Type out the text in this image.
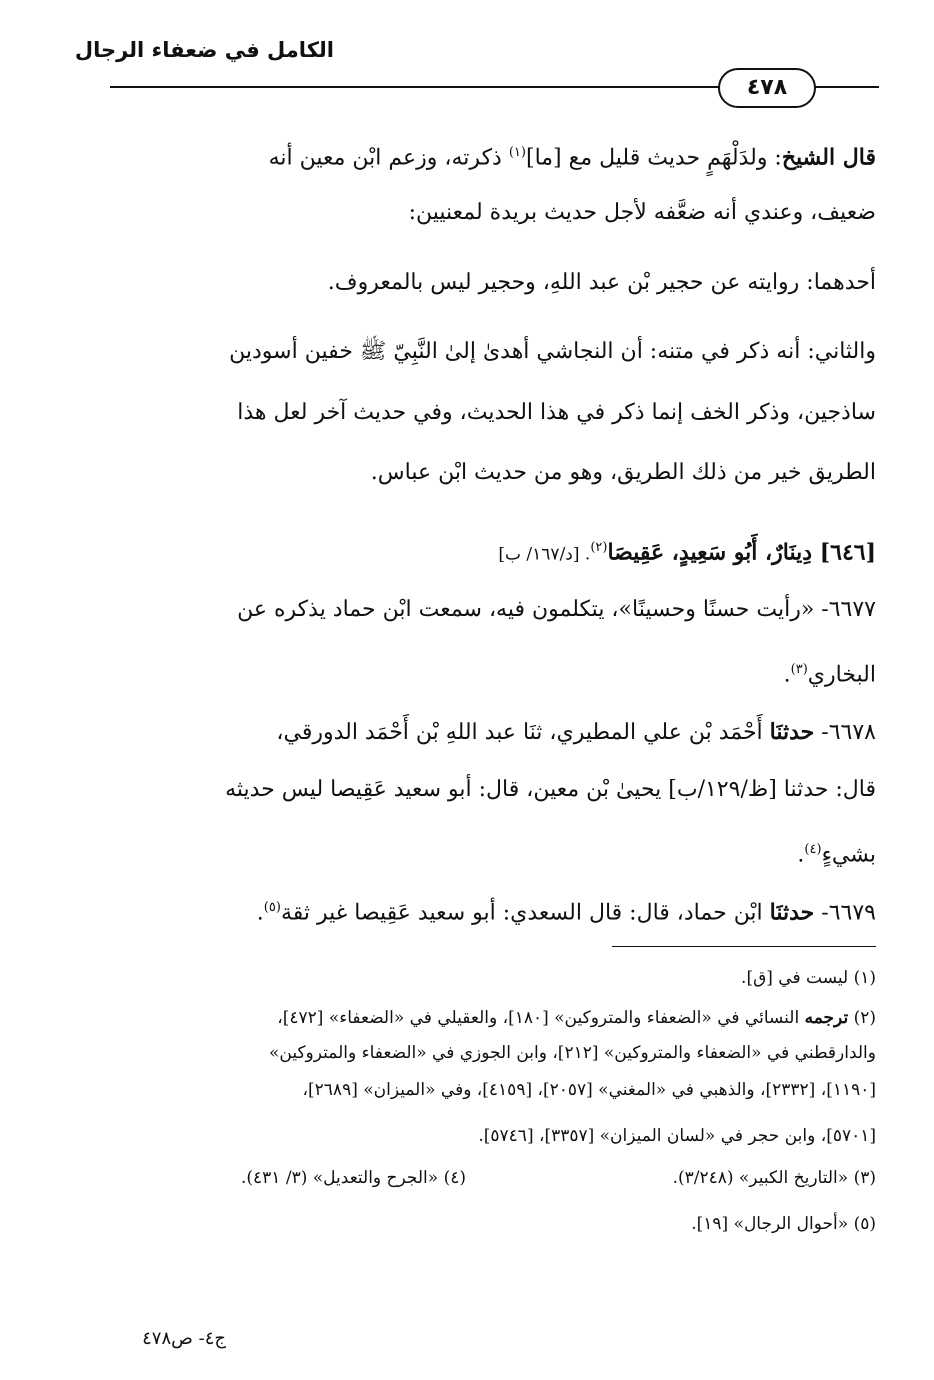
الكامل في ضعفاء الرجال
٤٧٨
قال الشيخ: ولدَلْهَمٍ حديث قليل مع [ما]$^{(١)}$ ذكرته، وزعم ابْن معين أنه
ضعيف، وعندي أنه ضعَّفه لأجل حديث بريدة لمعنيين:
أحدهما: روايته عن حجير بْن عبد اللهِ، وحجير ليس بالمعروف.
والثاني: أنه ذكر في متنه: أن النجاشي أهدىٰ إلىٰ النَّبِيّ ﷺ خفين أسودين
ساذجين، وذكر الخف إنما ذكر في هذا الحديث، وفي حديث آخر لعل هذا
الطريق خير من ذلك الطريق، وهو من حديث ابْن عباس.
[٦٤٦] دِينَارٌ، أَبُو سَعِيدٍ، عَقِيصَا$^{(٢)}$. [د/١٦٧/ ب]
٦٦٧٧- «رأيت حسنًا وحسينًا»، يتكلمون فيه، سمعت ابْن حماد يذكره عن
البخاري$^{(٣)}$.
٦٦٧٨- حدثنَا أَحْمَد بْن علي المطيري، ثنَا عبد اللهِ بْن أَحْمَد الدورقي،
قال: حدثنا [ظ/١٢٩/ب] يحيىٰ بْن معين، قال: أبو سعيد عَقِيصا ليس حديثه
بشيءٍ$^{(٤)}$.
٦٦٧٩- حدثنَا ابْن حماد، قال: قال السعدي: أبو سعيد عَقِيصا غير ثقة$^{(٥)}$.
(١) ليست في [ق].
(٢) ترجمه النسائي في «الضعفاء والمتروكين» [١٨٠]، والعقيلي في «الضعفاء» [٤٧٢]،
والدارقطني في «الضعفاء والمتروكين» [٢١٢]، وابن الجوزي في «الضعفاء والمتروكين»
[١١٩٠]، [٢٣٣٢]، والذهبي في «المغني» [٢٠٥٧]، [٤١٥٩]، وفي «الميزان» [٢٦٨٩]،
[٥٧٠١]، وابن حجر في «لسان الميزان» [٣٣٥٧]، [٥٧٤٦].
(٣) «التاريخ الكبير» (٣/٢٤٨).
(٤) «الجرح والتعديل» (٣/ ٤٣١).
(٥) «أحوال الرجال» [١٩].
ج٤- ص٤٧٨
